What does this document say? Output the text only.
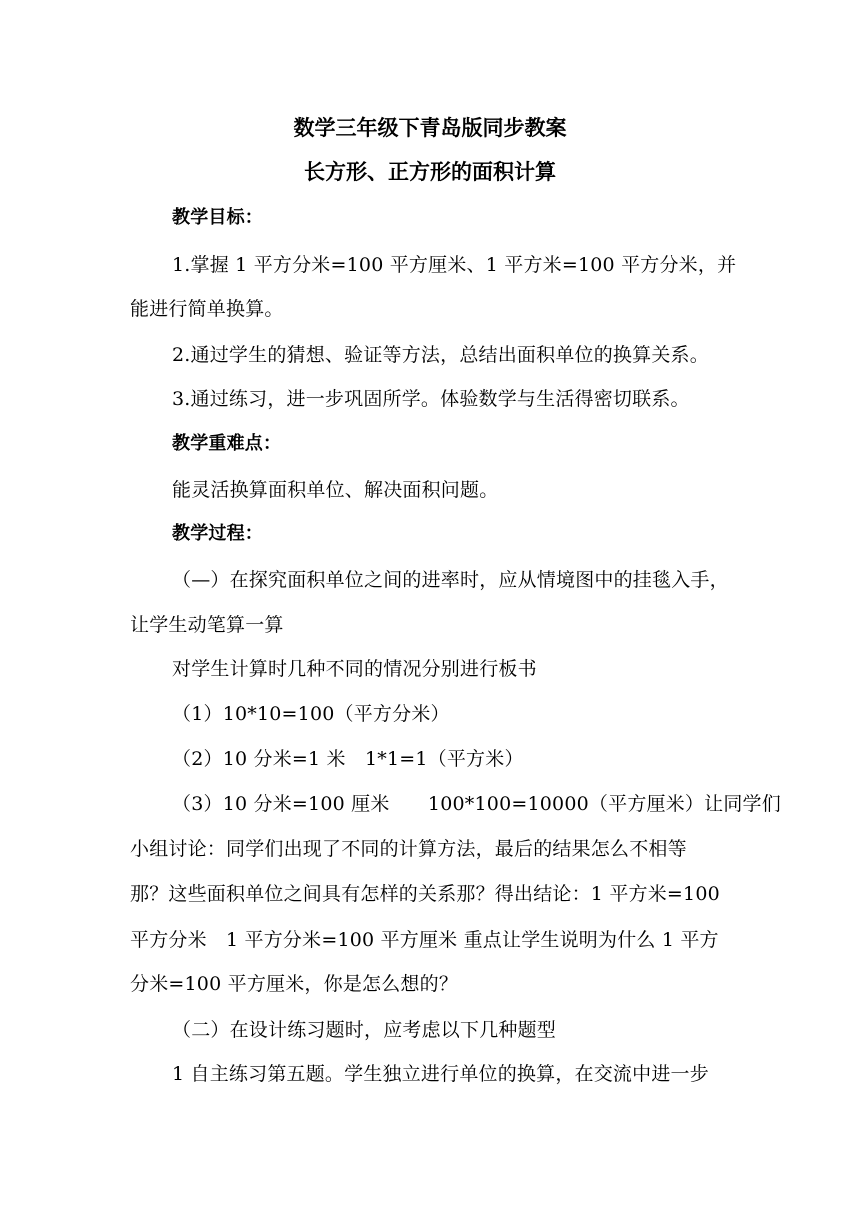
数学三年级下青岛版同步教案
长方形、正方形的面积计算
教学目标：
1.掌握 1 平方分米=100 平方厘米、1 平方米=100 平方分米，并
能进行简单换算。
2.通过学生的猜想、验证等方法，总结出面积单位的换算关系。
3.通过练习，进一步巩固所学。体验数学与生活得密切联系。
教学重难点：
能灵活换算面积单位、解决面积问题。
教学过程：
（—）在探究面积单位之间的进率时，应从情境图中的挂毯入手，
让学生动笔算一算
对学生计算时几种不同的情况分别进行板书
（1）10*10=100（平方分米）
（2）10 分米=1 米　1*1=1（平方米）
（3）10 分米=100 厘米　　100*100=10000（平方厘米）让同学们
小组讨论：同学们出现了不同的计算方法，最后的结果怎么不相等
那？这些面积单位之间具有怎样的关系那？得出结论：1 平方米=100
平方分米　1 平方分米=100 平方厘米 重点让学生说明为什么 1 平方
分米=100 平方厘米，你是怎么想的？
（二）在设计练习题时，应考虑以下几种题型
1 自主练习第五题。学生独立进行单位的换算，在交流中进一步
